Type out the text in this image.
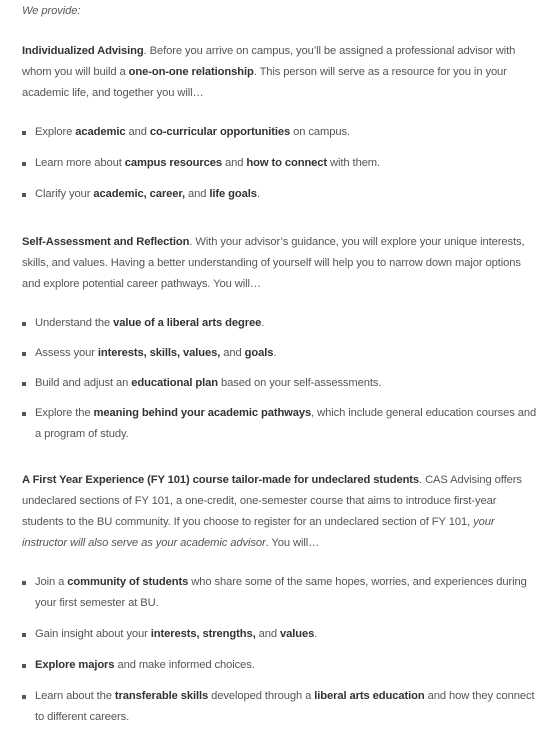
We provide:
Individualized Advising. Before you arrive on campus, you’ll be assigned a professional advisor with whom you will build a one-on-one relationship. This person will serve as a resource for you in your academic life, and together you will…
Explore academic and co-curricular opportunities on campus.
Learn more about campus resources and how to connect with them.
Clarify your academic, career, and life goals.
Self-Assessment and Reflection. With your advisor’s guidance, you will explore your unique interests, skills, and values. Having a better understanding of yourself will help you to narrow down major options and explore potential career pathways. You will…
Understand the value of a liberal arts degree.
Assess your interests, skills, values, and goals.
Build and adjust an educational plan based on your self-assessments.
Explore the meaning behind your academic pathways, which include general education courses and a program of study.
A First Year Experience (FY 101) course tailor-made for undeclared students. CAS Advising offers undeclared sections of FY 101, a one-credit, one-semester course that aims to introduce first-year students to the BU community. If you choose to register for an undeclared section of FY 101, your instructor will also serve as your academic advisor. You will…
Join a community of students who share some of the same hopes, worries, and experiences during your first semester at BU.
Gain insight about your interests, strengths, and values.
Explore majors and make informed choices.
Learn about the transferable skills developed through a liberal arts education and how they connect to different careers.
